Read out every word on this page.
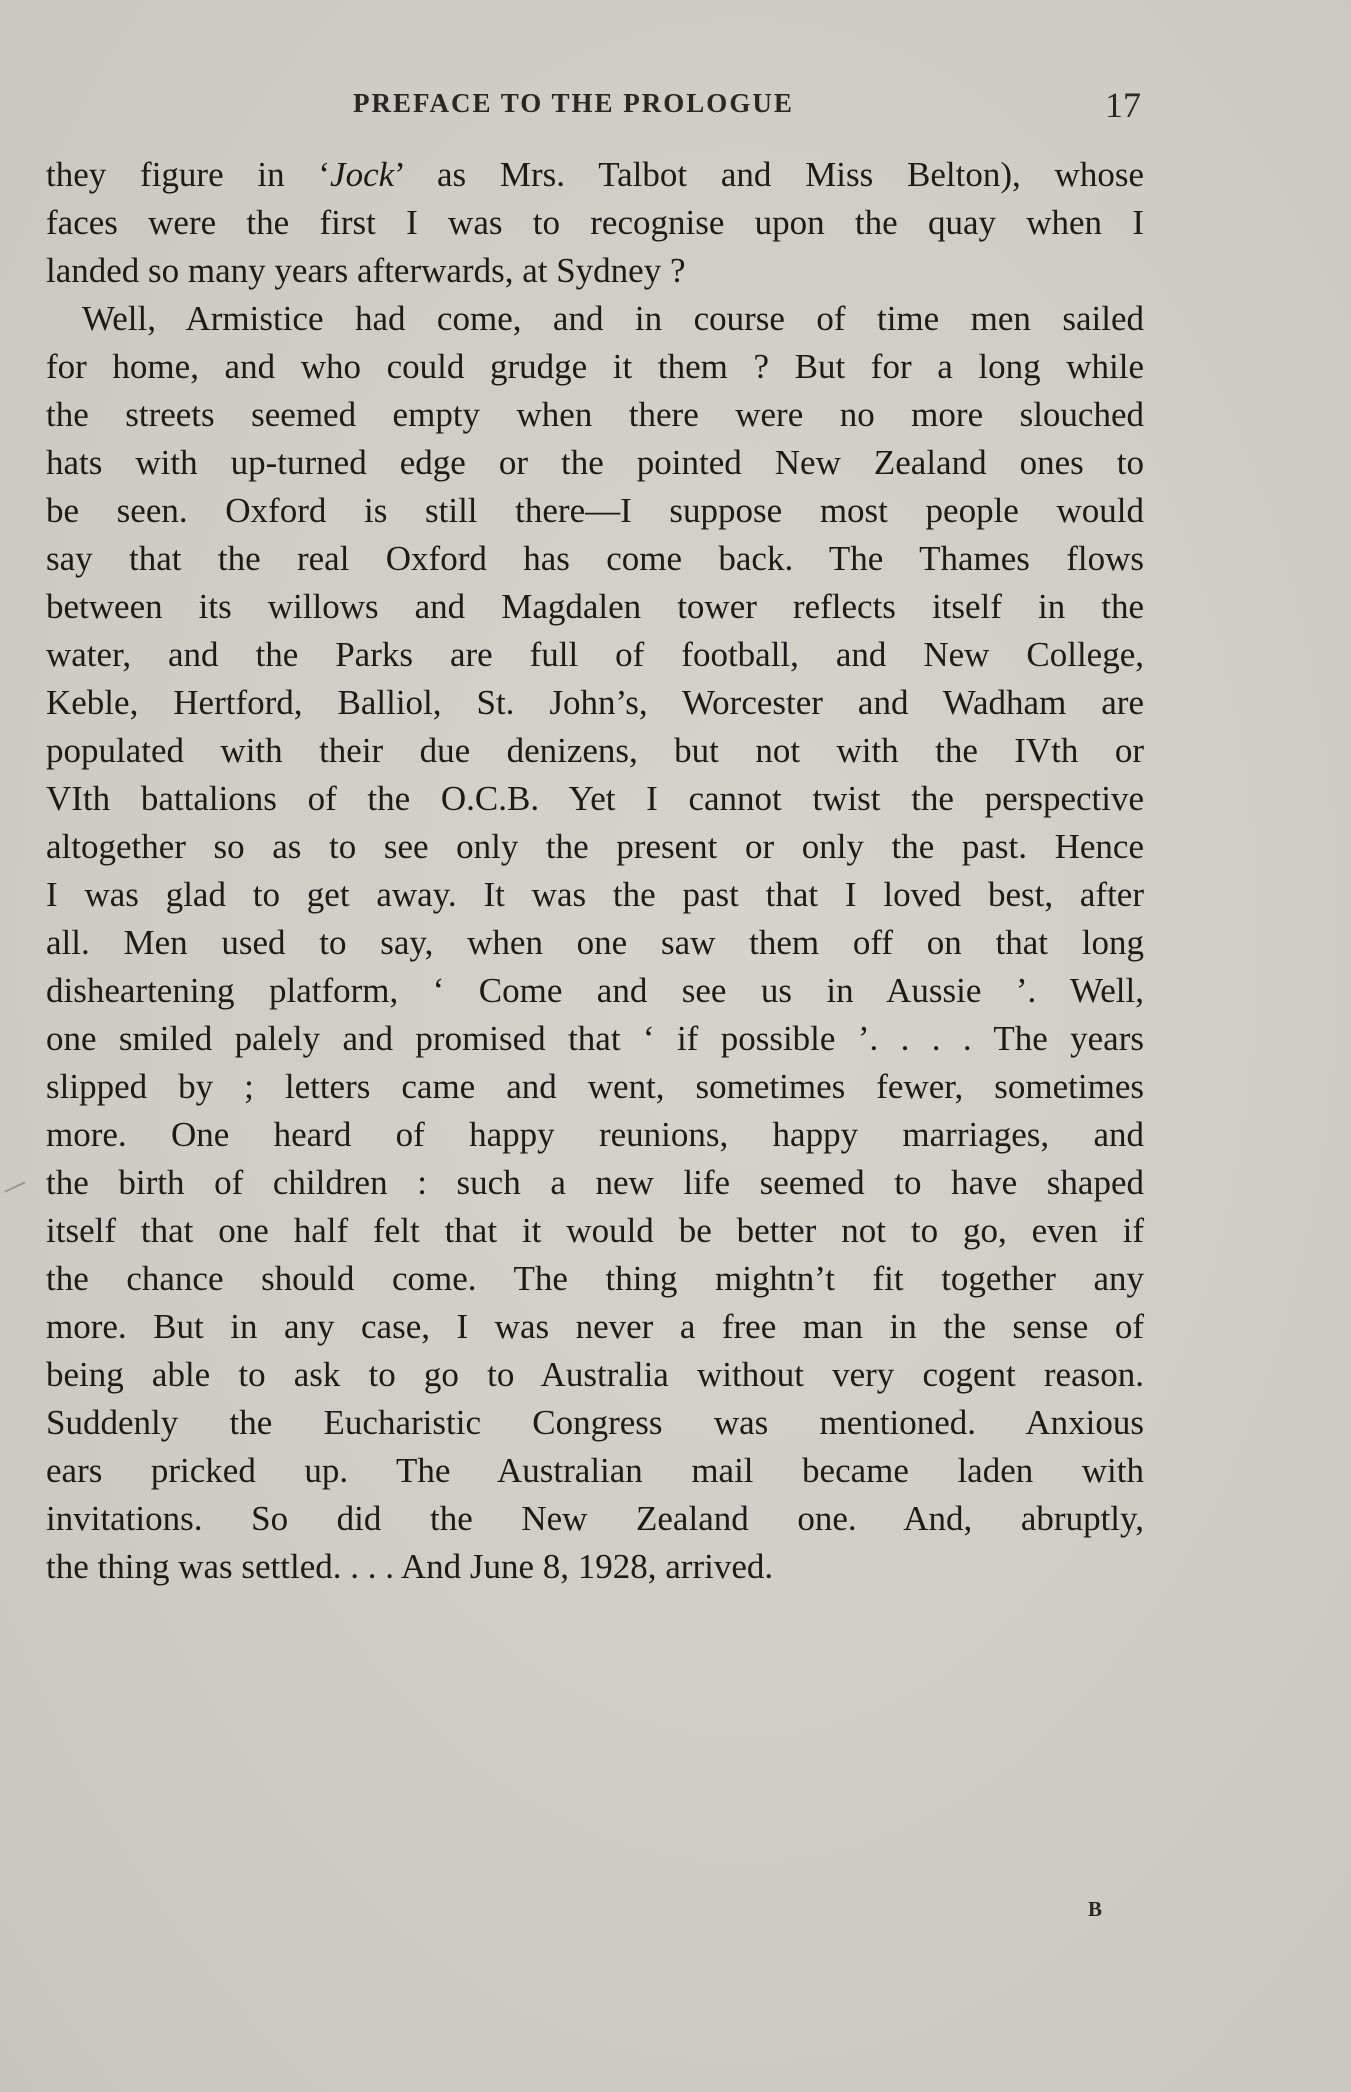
PREFACE TO THE PROLOGUE	17
they figure in ‘Jock’ as Mrs. Talbot and Miss Belton), whose
faces were the first I was to recognise upon the quay when I
landed so many years afterwards, at Sydney ?
Well, Armistice had come, and in course of time men sailed
for home, and who could grudge it them ? But for a long while
the streets seemed empty when there were no more slouched
hats with up-turned edge or the pointed New Zealand ones to
be seen. Oxford is still there—I suppose most people would
say that the real Oxford has come back. The Thames flows
between its willows and Magdalen tower reflects itself in the
water, and the Parks are full of football, and New College,
Keble, Hertford, Balliol, St. John’s, Worcester and Wadham are
populated with their due denizens, but not with the IVth or
VIth battalions of the O.C.B. Yet I cannot twist the perspective
altogether so as to see only the present or only the past. Hence
I was glad to get away. It was the past that I loved best, after
all. Men used to say, when one saw them off on that long
disheartening platform, ‘ Come and see us in Aussie ’. Well,
one smiled palely and promised that ‘ if possible ’. . . . The years
slipped by ; letters came and went, sometimes fewer, sometimes
more. One heard of happy reunions, happy marriages, and
the birth of children : such a new life seemed to have shaped
itself that one half felt that it would be better not to go, even if
the chance should come. The thing mightn’t fit together any
more. But in any case, I was never a free man in the sense of
being able to ask to go to Australia without very cogent reason.
Suddenly the Eucharistic Congress was mentioned. Anxious
ears pricked up. The Australian mail became laden with
invitations. So did the New Zealand one. And, abruptly,
the thing was settled. . . . And June 8, 1928, arrived.
B
